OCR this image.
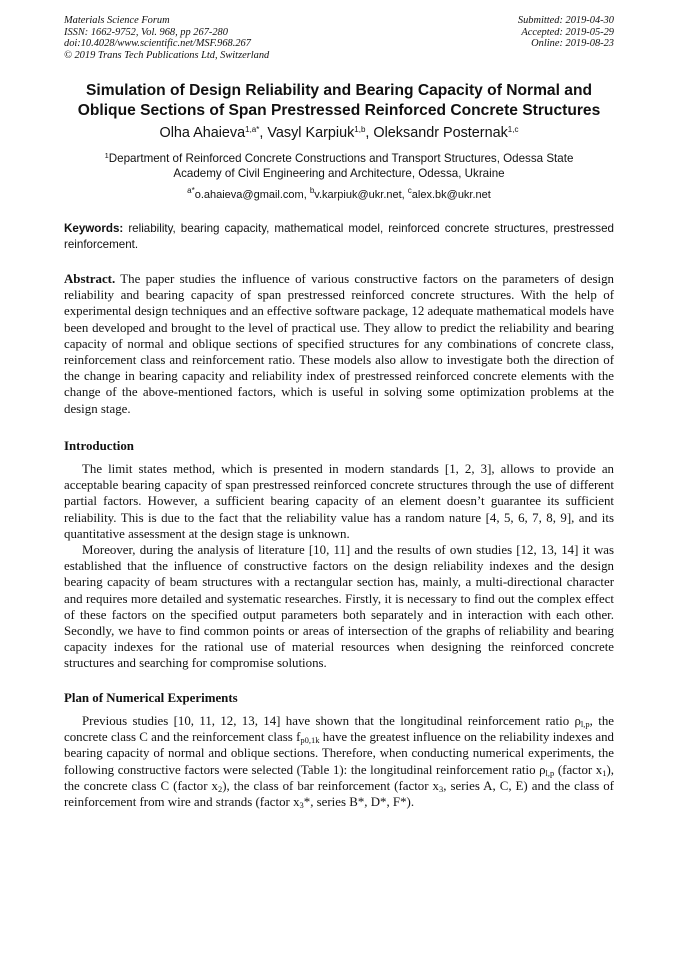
Materials Science Forum
ISSN: 1662-9752, Vol. 968, pp 267-280
doi:10.4028/www.scientific.net/MSF.968.267
© 2019 Trans Tech Publications Ltd, Switzerland
Submitted: 2019-04-30
Accepted: 2019-05-29
Online: 2019-08-23
Simulation of Design Reliability and Bearing Capacity of Normal and
Oblique Sections of Span Prestressed Reinforced Concrete Structures
Olha Ahaieva$^{1,a*}$, Vasyl Karpiuk$^{1,b}$, Oleksandr Posternak$^{1,c}$
$^1$Department of Reinforced Concrete Constructions and Transport Structures, Odessa State
Academy of Civil Engineering and Architecture, Odessa, Ukraine
$^{a*}$o.ahaieva@gmail.com, $^b$v.karpiuk@ukr.net, $^c$alex.bk@ukr.net
Keywords: reliability, bearing capacity, mathematical model, reinforced concrete structures, prestressed reinforcement.
Abstract. The paper studies the influence of various constructive factors on the parameters of design reliability and bearing capacity of span prestressed reinforced concrete structures. With the help of experimental design techniques and an effective software package, 12 adequate mathematical models have been developed and brought to the level of practical use. They allow to predict the reliability and bearing capacity of normal and oblique sections of specified structures for any combinations of concrete class, reinforcement class and reinforcement ratio. These models also allow to investigate both the direction of the change in bearing capacity and reliability index of prestressed reinforced concrete elements with the change of the above-mentioned factors, which is useful in solving some optimization problems at the design stage.
Introduction
The limit states method, which is presented in modern standards [1, 2, 3], allows to provide an acceptable bearing capacity of span prestressed reinforced concrete structures through the use of different partial factors. However, a sufficient bearing capacity of an element doesn’t guarantee its sufficient reliability. This is due to the fact that the reliability value has a random nature [4, 5, 6, 7, 8, 9], and its quantitative assessment at the design stage is unknown.
Moreover, during the analysis of literature [10, 11] and the results of own studies [12, 13, 14] it was established that the influence of constructive factors on the design reliability indexes and the design bearing capacity of beam structures with a rectangular section has, mainly, a multi-directional character and requires more detailed and systematic researches. Firstly, it is necessary to find out the complex effect of these factors on the specified output parameters both separately and in interaction with each other. Secondly, we have to find common points or areas of intersection of the graphs of reliability and bearing capacity indexes for the rational use of material resources when designing the reinforced concrete structures and searching for compromise solutions.
Plan of Numerical Experiments
Previous studies [10, 11, 12, 13, 14] have shown that the longitudinal reinforcement ratio $\rho_{l,p}$, the concrete class C and the reinforcement class $f_{p0,1k}$ have the greatest influence on the reliability indexes and bearing capacity of normal and oblique sections. Therefore, when conducting numerical experiments, the following constructive factors were selected (Table 1): the longitudinal reinforcement ratio $\rho_{l,p}$ (factor $x_1$), the concrete class C (factor $x_2$), the class of bar reinforcement (factor $x_3$, series A, C, E) and the class of reinforcement from wire and strands (factor $x_3*$, series B*, D*, F*).
